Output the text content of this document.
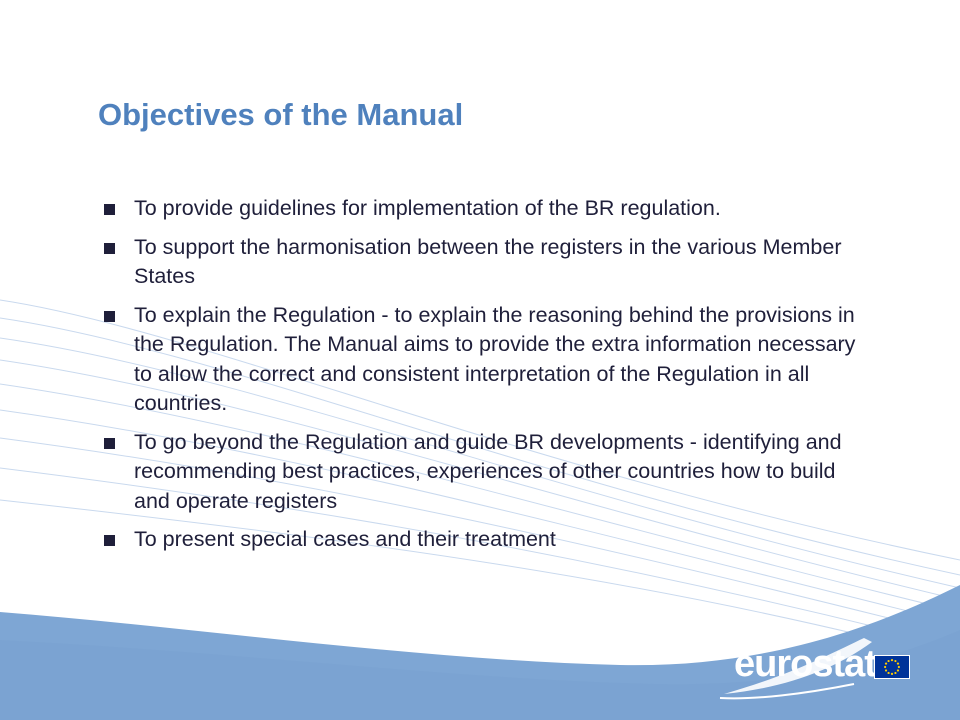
Objectives of the Manual
To provide guidelines for implementation of the BR regulation.
To support the harmonisation between the registers in the various Member States
To explain the Regulation - to explain the reasoning behind the provisions in the Regulation. The Manual aims to provide the extra information necessary to allow the correct and consistent interpretation of the Regulation in all countries.
To go beyond the Regulation and guide BR developments - identifying and recommending best practices, experiences of other countries how to build and operate registers
To present special cases and their treatment
eurostat
